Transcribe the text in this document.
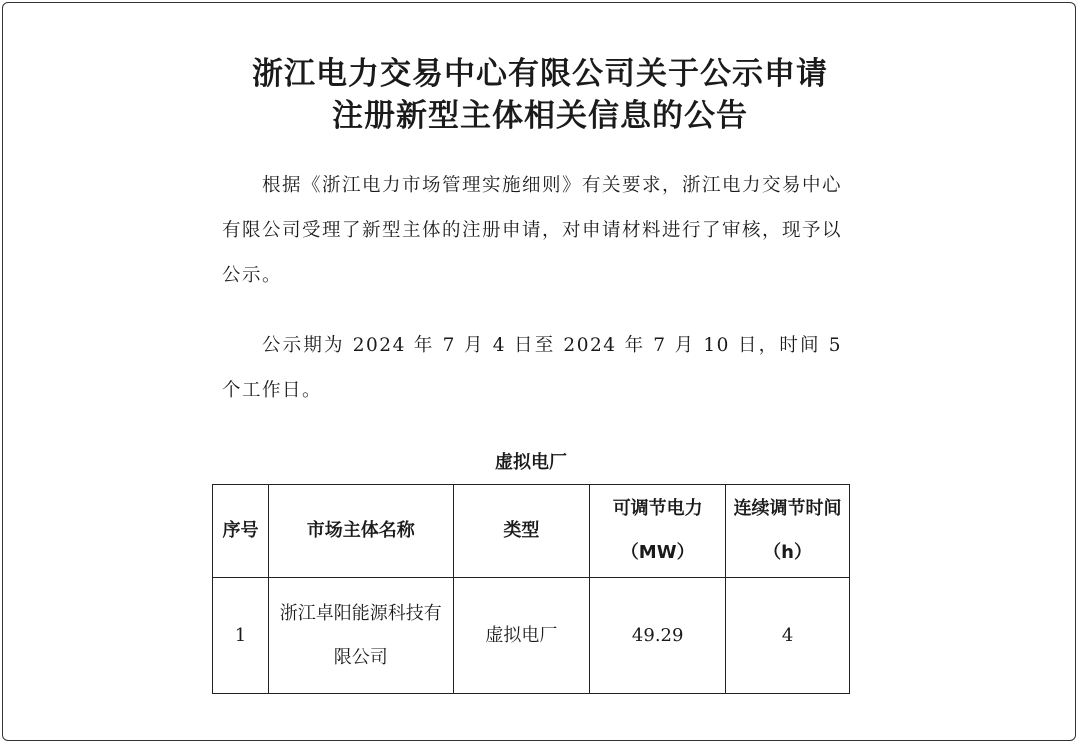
浙江电力交易中心有限公司关于公示申请
注册新型主体相关信息的公告
根据《浙江电力市场管理实施细则》有关要求，浙江电力交易中心有限公司受理了新型主体的注册申请，对申请材料进行了审核，现予以公示。
公示期为 2024 年 7 月 4 日至 2024 年 7 月 10 日，时间 5 个工作日。
虚拟电厂
序号	市场主体名称	类型	可调节电力（MW）	连续调节时间（h）
1	浙江卓阳能源科技有限公司	虚拟电厂	49.29	4
